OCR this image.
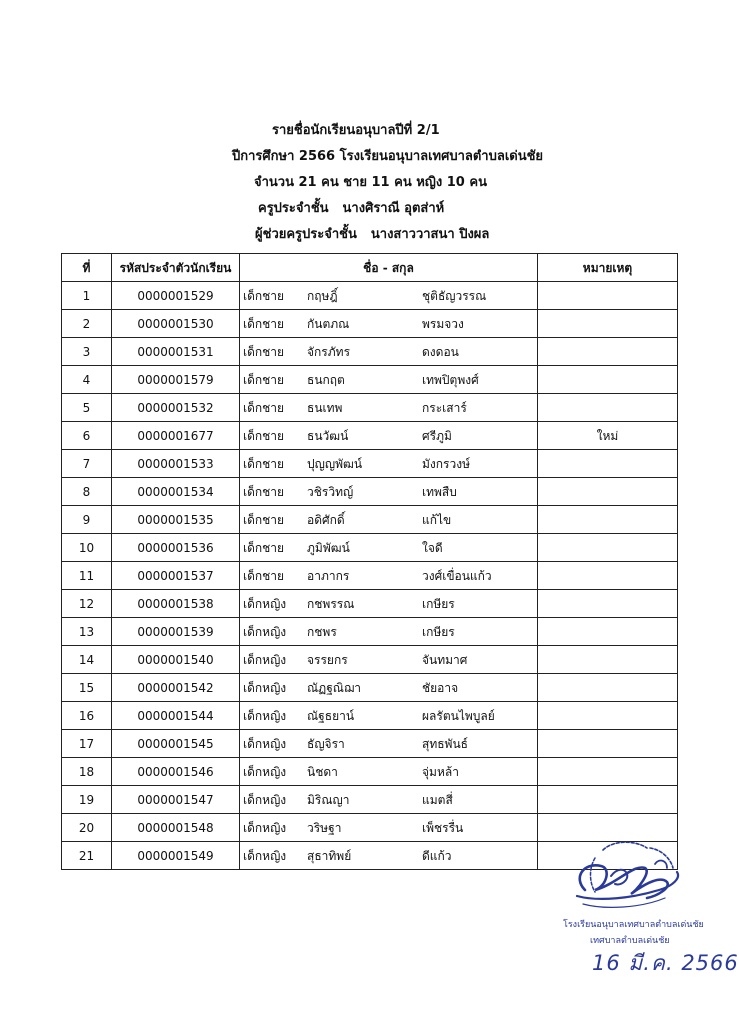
รายชื่อนักเรียนอนุบาลปีที่ 2/1
ปีการศึกษา 2566 โรงเรียนอนุบาลเทศบาลตำบลเด่นชัย
จำนวน 21 คน ชาย 11 คน หญิง 10 คน
ครูประจำชั้น นางศิราณี อุตส่าห์
ผู้ช่วยครูประจำชั้น นางสาววาสนา ปิงผล
ที่	รหัสประจำตัวนักเรียน	ชื่อ - สกุล	หมายเหตุ
1	0000001529	เด็กชาย กฤษฎิ์ ชุติธัญวรรณ	
2	0000001530	เด็กชาย กันตภณ พรมจวง	
3	0000001531	เด็กชาย จักรภัทร ดงดอน	
4	0000001579	เด็กชาย ธนกฤต เทพปิตุพงศ์	
5	0000001532	เด็กชาย ธนเทพ กระเสาร์	
6	0000001677	เด็กชาย ธนวัฒน์ ศรีภูมิ	ใหม่
7	0000001533	เด็กชาย ปุญญพัฒน์ มังกรวงษ์	
8	0000001534	เด็กชาย วชิรวิทญ์ เทพสืบ	
9	0000001535	เด็กชาย อดิศักดิ์ แก้ไข	
10	0000001536	เด็กชาย ภูมิพัฒน์ ใจดี	
11	0000001537	เด็กชาย อาภากร วงศ์เขื่อนแก้ว	
12	0000001538	เด็กหญิง กชพรรณ เกษียร	
13	0000001539	เด็กหญิง กชพร เกษียร	
14	0000001540	เด็กหญิง จรรยกร จันทมาศ	
15	0000001542	เด็กหญิง ณัฏฐณิฌา ชัยอาจ	
16	0000001544	เด็กหญิง ณัฐธยาน์ ผลรัตนไพบูลย์	
17	0000001545	เด็กหญิง ธัญจิรา สุทธพันธ์	
18	0000001546	เด็กหญิง นิชดา จุ่มหล้า	
19	0000001547	เด็กหญิง มิริณญา แมตสี่	
20	0000001548	เด็กหญิง วริษฐา เพ็ชรรื่น	
21	0000001549	เด็กหญิง สุธาทิพย์ ดีแก้ว	
โรงเรียนอนุบาลเทศบาลตำบลเด่นชัย
เทศบาลตำบลเด่นชัย
16 มี.ค. 2566
